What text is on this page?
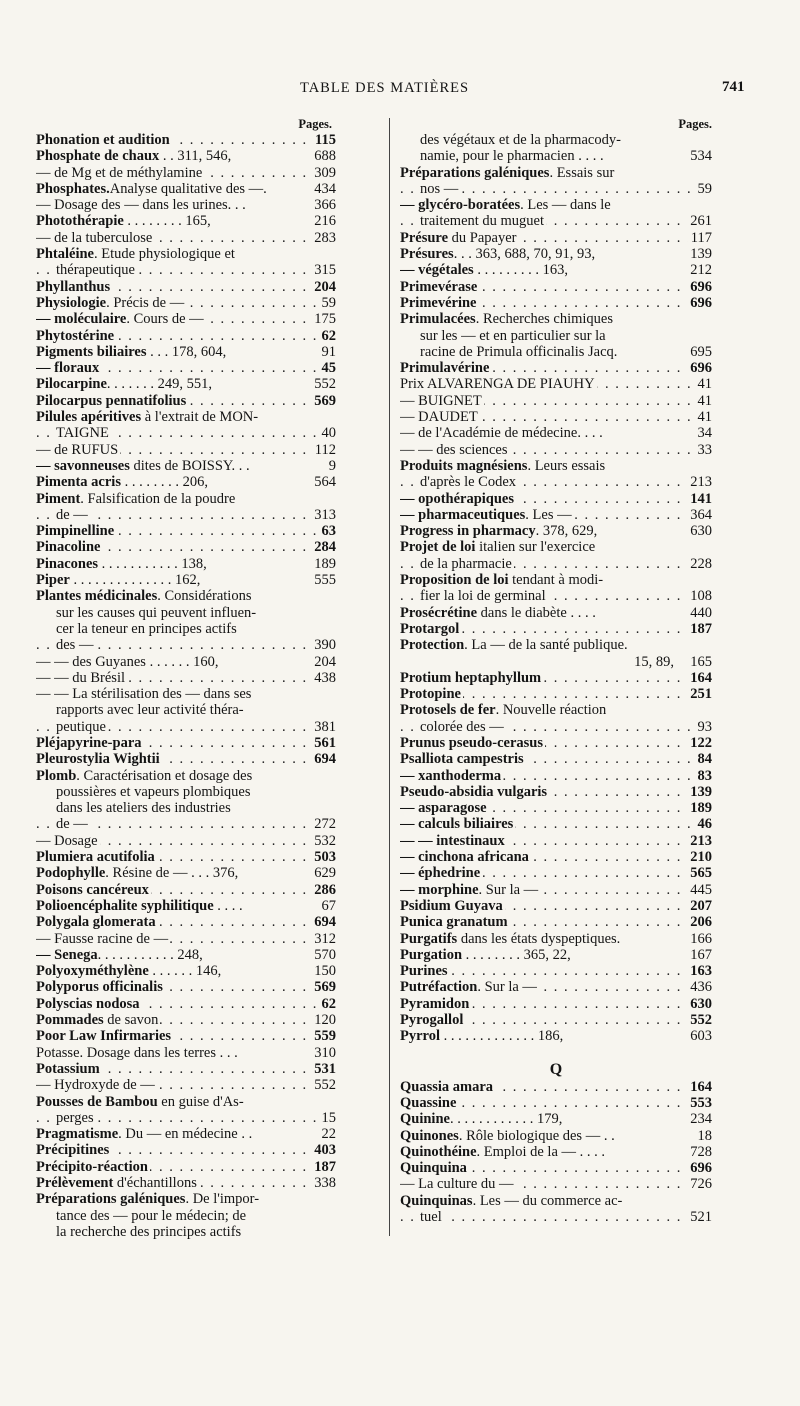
TABLE DES MATIÈRES	741
Pages.
Phonation et audition	115
. . .
Phosphate de chaux . . 311, 546,	688
— de Mg et de méthylamine	309
. . .
Phosphates.Analyse qualitative des —.	434
— Dosage des — dans les urines. . .	366
Photothérapie . . . . . . . . 165,	216
— de la tuberculose	283
. . .
Phtaléine. Etude physiologique et
thérapeutique	315
. . .
Phyllanthus	204
. . .
Physiologie. Précis de —	59
. . .
— moléculaire. Cours de —	175
. . .
Phytostérine	62
. . .
Pigments biliaires . . . 178, 604,	91
— floraux	45
. . .
Pilocarpine. . . . . . . 249, 551,	552
Pilocarpus pennatifolius	569
. . .
Pilules apéritives à l'extrait de MON-
TAIGNE	40
. . .
— de RUFUS	112
. . .
— savonneuses dites de BOISSY. . .	9
Pimenta acris . . . . . . . . 206,	564
Piment. Falsification de la poudre
de —	313
. . .
Pimpinelline	63
. . .
Pinacoline	284
. . .
Pinacones . . . . . . . . . . . 138,	189
Piper . . . . . . . . . . . . . . 162,	555
Plantes médicinales. Considérations
sur les causes qui peuvent influen-
cer la teneur en principes actifs
des —	390
. . .
— — des Guyanes . . . . . . 160,	204
— — du Brésil	438
. . .
— — La stérilisation des — dans ses
rapports avec leur activité théra-
peutique	381
. . .
Pléjapyrine-para	561
. . .
Pleurostylia Wightii	694
. . .
Plomb. Caractérisation et dosage des
poussières et vapeurs plombiques
dans les ateliers des industries
de —	272
. . .
— Dosage	532
. . .
Plumiera acutifolia	503
. . .
Podophylle. Résine de — . . . 376,	629
Poisons cancéreux	286
. . .
Polioencéphalite syphilitique . . . .	67
Polygala glomerata	694
. . .
— Fausse racine de —	312
. . .
— Senega. . . . . . . . . . . 248,	570
Polyoxyméthylène . . . . . . 146,	150
Polyporus officinalis	569
. . .
Polyscias nodosa	62
. . .
Pommades de savon	120
. . .
Poor Law Infirmaries	559
. . .
Potasse. Dosage dans les terres . . .	310
Potassium	531
. . .
— Hydroxyde de —	552
. . .
Pousses de Bambou en guise d'As-
perges	15
. . .
Pragmatisme. Du — en médecine . .	22
Précipitines	403
. . .
Précipito-réaction	187
. . .
Prélèvement d'échantillons	338
. . .
Préparations galéniques. De l'impor-
tance des — pour le médecin; de
la recherche des principes actifs
Pages.
des végétaux et de la pharmacody-
namie, pour le pharmacien . . . .	534
Préparations galéniques. Essais sur
nos —	59
. . .
— glycéro-boratées. Les — dans le
traitement du muguet	261
. . .
Présure du Papayer	117
. . .
Présures. . . 363, 688, 70, 91, 93,	139
— végétales . . . . . . . . . 163,	212
Primevérase	696
. . .
Primevérine	696
. . .
Primulacées. Recherches chimiques
sur les — et en particulier sur la
racine de Primula officinalis Jacq.	695
Primulavérine	696
. . .
Prix ALVARENGA DE PIAUHY	41
. . .
— BUIGNET	41
. . .
— DAUDET	41
. . .
— de l'Académie de médecine. . . .	34
— — des sciences	33
. . .
Produits magnésiens. Leurs essais
d'après le Codex	213
. . .
— opothérapiques	141
. . .
— pharmaceutiques. Les —	364
. . .
Progress in pharmacy. 378, 629,	630
Projet de loi italien sur l'exercice
de la pharmacie	228
. . .
Proposition de loi tendant à modi-
fier la loi de germinal	108
. . .
Prosécrétine dans le diabète . . . .	440
Protargol	187
. . .
Protection. La — de la santé publique.
15, 89, 165
Protium heptaphyllum	164
. . .
Protopine	251
. . .
Protosels de fer. Nouvelle réaction
colorée des —	93
. . .
Prunus pseudo-cerasus	122
. . .
Psalliota campestris	84
. . .
— xanthoderma	83
. . .
Pseudo-absidia vulgaris	139
. . .
— asparagose	189
. . .
— calculs biliaires	46
. . .
— — intestinaux	213
. . .
— cinchona africana	210
. . .
— éphedrine	565
. . .
— morphine. Sur la —	445
. . .
Psidium Guyava	207
. . .
Punica granatum	206
. . .
Purgatifs dans les états dyspeptiques.	166
Purgation . . . . . . . . 365, 22,	167
Purines	163
. . .
Putréfaction. Sur la —	436
. . .
Pyramidon	630
. . .
Pyrogallol	552
. . .
Pyrrol . . . . . . . . . . . . . 186,	603
Q
Quassia amara	164
. . .
Quassine	553
. . .
Quinine. . . . . . . . . . . . 179,	234
Quinones. Rôle biologique des — . .	18
Quinothéine. Emploi de la — . . . .	728
Quinquina	696
. . .
— La culture du —	726
. . .
Quinquinas. Les — du commerce ac-
tuel	521
. . .
